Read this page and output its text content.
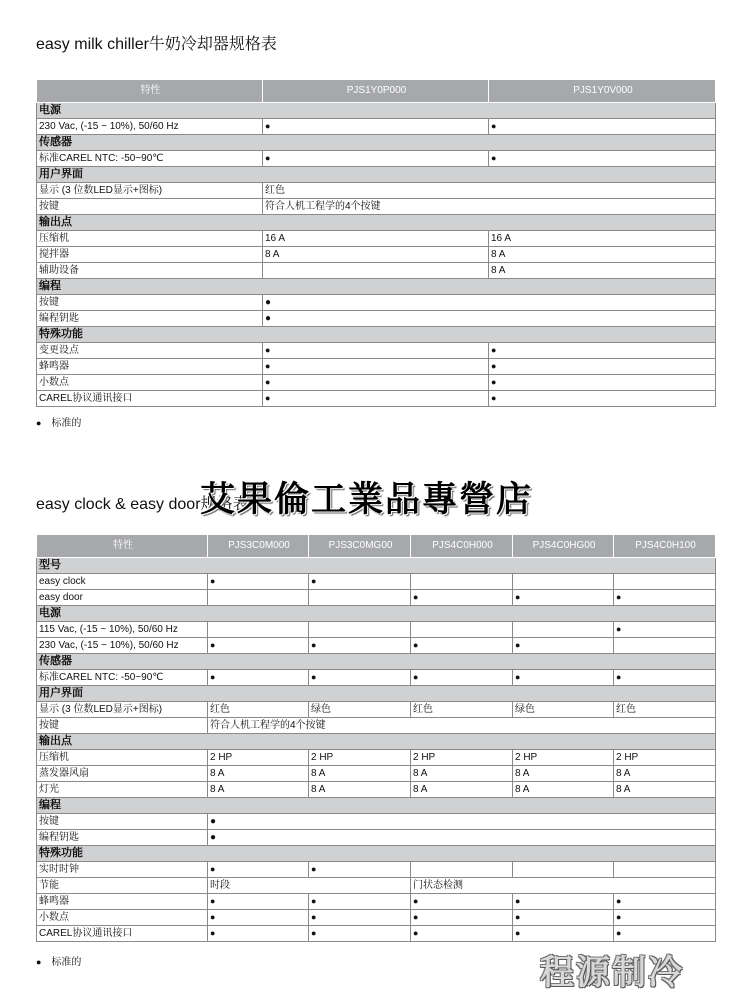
easy milk chiller牛奶冷却器规格表
特性	PJS1Y0P000	PJS1Y0V000
电源		
230 Vac, (-15 ~ 10%), 50/60 Hz	●	●
传感器		
标准CAREL NTC: -50~90℃	●	●
用户界面		
显示 (3 位数LED显示+图标)	红色	
按键	符合人机工程学的4个按键	
输出点		
压缩机	16 A	16 A
搅拌器	8 A	8 A
辅助设备		8 A
编程		
按键	●	
编程钥匙	●	
特殊功能		
变更设点	●	●
蜂鸣器	●	●
小数点	●	●
CAREL协议通讯接口	●	●
● 标准的
easy clock & easy door规格表
特性	PJS3C0M000	PJS3C0MG00	PJS4C0H000	PJS4C0HG00	PJS4C0H100
型号					
easy clock	●	●			
easy door			●	●	●
电源					
115 Vac, (-15 ~ 10%), 50/60 Hz					●
230 Vac, (-15 ~ 10%), 50/60 Hz	●	●	●	●	
传感器					
标准CAREL NTC: -50~90℃	●	●	●	●	●
用户界面					
显示 (3 位数LED显示+图标)	红色	绿色	红色	绿色	红色
按键	符合人机工程学的4个按键				
输出点					
压缩机	2 HP	2 HP	2 HP	2 HP	2 HP
蒸发器风扇	8 A	8 A	8 A	8 A	8 A
灯光	8 A	8 A	8 A	8 A	8 A
编程					
按键	●				
编程钥匙	●				
特殊功能					
实时时钟	●	●			
节能	时段		门状态检测		
蜂鸣器	●	●	●	●	●
小数点	●	●	●	●	●
CAREL协议通讯接口	●	●	●	●	●
● 标准的
艾果倫工業品專營店
程源制冷
